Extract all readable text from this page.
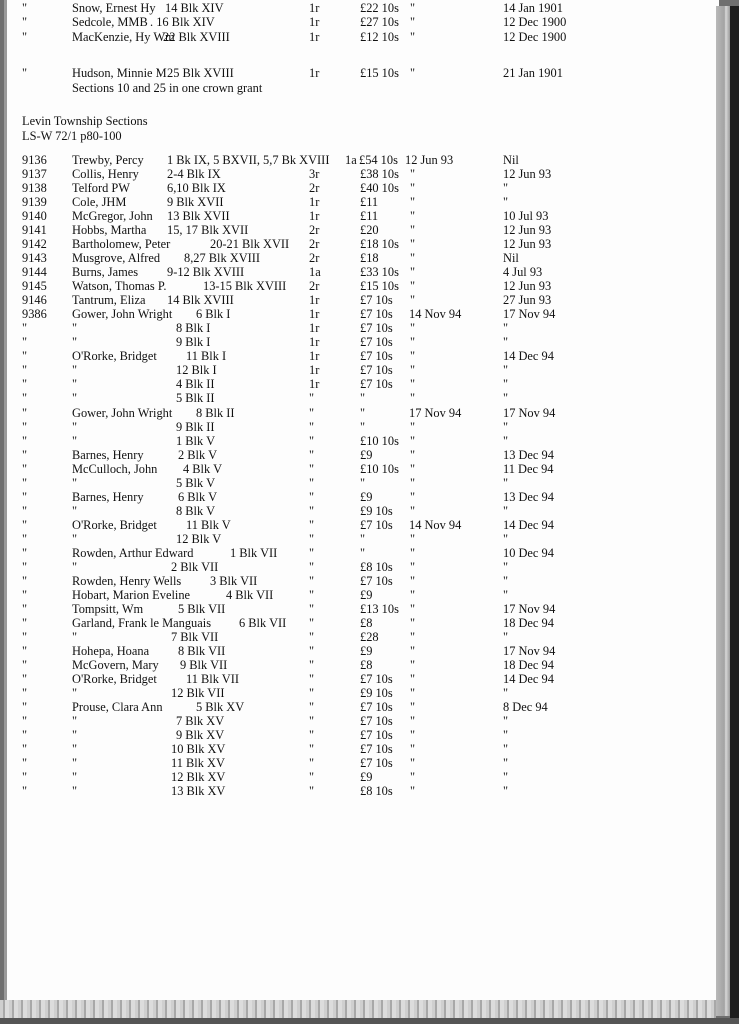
"	Snow, Ernest Hy 14 Blk XIV	1r	£22 10s "	14 Jan 1901
"	Sedcole, MMB . 16 Blk XIV	1r	£27 10s "	12 Dec 1900
"	MacKenzie, Hy Wm
22 Blk XVIII	1r	£12 10s "	12 Dec 1900
"	Hudson, Minnie M 25 Blk XVIII	1r	£15 10s "	21 Jan 1901
Sections 10 and 25 in one crown grant
Levin Township Sections
LS-W 72/1 p80-100
9136 Trewby, Percy 1 Bk IX, 5 BXVII, 5,7 Bk XVIII 1a £54 10s 12 Jun 93	Nil
9137 Collis, Henry 2-4 Blk IX	3r	£38 10s "	12 Jun 93
9138 Telford PW	6,10 Blk IX	2r	£40 10s "	"
9139 Cole, JHM	9 Blk XVII	1r	£11	"	"
9140 McGregor, John 13 Blk XVII	1r	£11	"	10 Jul 93
9141 Hobbs, Martha 15, 17 Blk XVII	2r	£20	"	12 Jun 93
9142 Bartholomew, Peter	20-21 Blk XVII 2r	£18 10s "	12 Jun 93
9143 Musgrove, Alfred 8,27 Blk XVIII	2r	£18	"	Nil
9144 Burns, James 9-12 Blk XVIII	1a	£33 10s "	4 Jul 93
9145 Watson, Thomas P.	13-15 Blk XVIII 2r	£15 10s "	12 Jun 93
9146 Tantrum, Eliza 14 Blk XVIII	1r	£7 10s "	27 Jun 93
9386 Gower, John Wright 6 Blk I	1r	£7 10s 14 Nov 94	17 Nov 94
"	"	8 Blk I	1r	£7 10s "	"
"	"	9 Blk I	1r	£7 10s "	"
"	O'Rorke, Bridget 11 Blk I	1r	£7 10s "	14 Dec 94
"	"	12 Blk I	1r	£7 10s "	"
"	"	4 Blk II	1r	£7 10s "	"
"	"	5 Blk II	"	"	"	"
"	Gower, John Wright 8 Blk II	"	"	17 Nov 94	17 Nov 94
"	"	9 Blk II	"	"	"	"
"	"	1 Blk V	"	£10 10s "	"
"	Barnes, Henry	2 Blk V	"	£9	"	13 Dec 94
"	McCulloch, John 4 Blk V	"	£10 10s "	11 Dec 94
"	"	5 Blk V	"	"	"	"
"	Barnes, Henry	6 Blk V	"	£9	"	13 Dec 94
"	"	8 Blk V	"	£9 10s "	"
"	O'Rorke, Bridget 11 Blk V	"	£7 10s 14 Nov 94	14 Dec 94
"	"	12 Blk V	"	"	"	"
"	Rowden, Arthur Edward	1 Blk VII	"	"	"	10 Dec 94
"	"	2 Blk VII	"	£8 10s "	"
"	Rowden, Henry Wells 3 Blk VII	"	£7 10s "	"
"	Hobart, Marion Eveline	4 Blk VII	"	£9	"	"
"	Tompsitt, Wm	5 Blk VII	"	£13 10s "	17 Nov 94
"	Garland, Frank le Manguais 6 Blk VII "	£8	"	18 Dec 94
"	"	7 Blk VII	"	£28	"	"
"	Hohepa, Hoana 8 Blk VII	"	£9	"	17 Nov 94
"	McGovern, Mary 9 Blk VII	"	£8	"	18 Dec 94
"	O'Rorke, Bridget 11 Blk VII	"	£7 10s "	14 Dec 94
"	"	12 Blk VII	"	£9 10s "	"
"	Prouse, Clara Ann	5 Blk XV	"	£7 10s "	8 Dec 94
"	"	7 Blk XV	"	£7 10s "	"
"	"	9 Blk XV	"	£7 10s "	"
"	"	10 Blk XV	"	£7 10s "	"
"	"	11 Blk XV	"	£7 10s "	"
"	"	12 Blk XV	"	£9	"	"
"	"	13 Blk XV	"	£8 10s "	"
